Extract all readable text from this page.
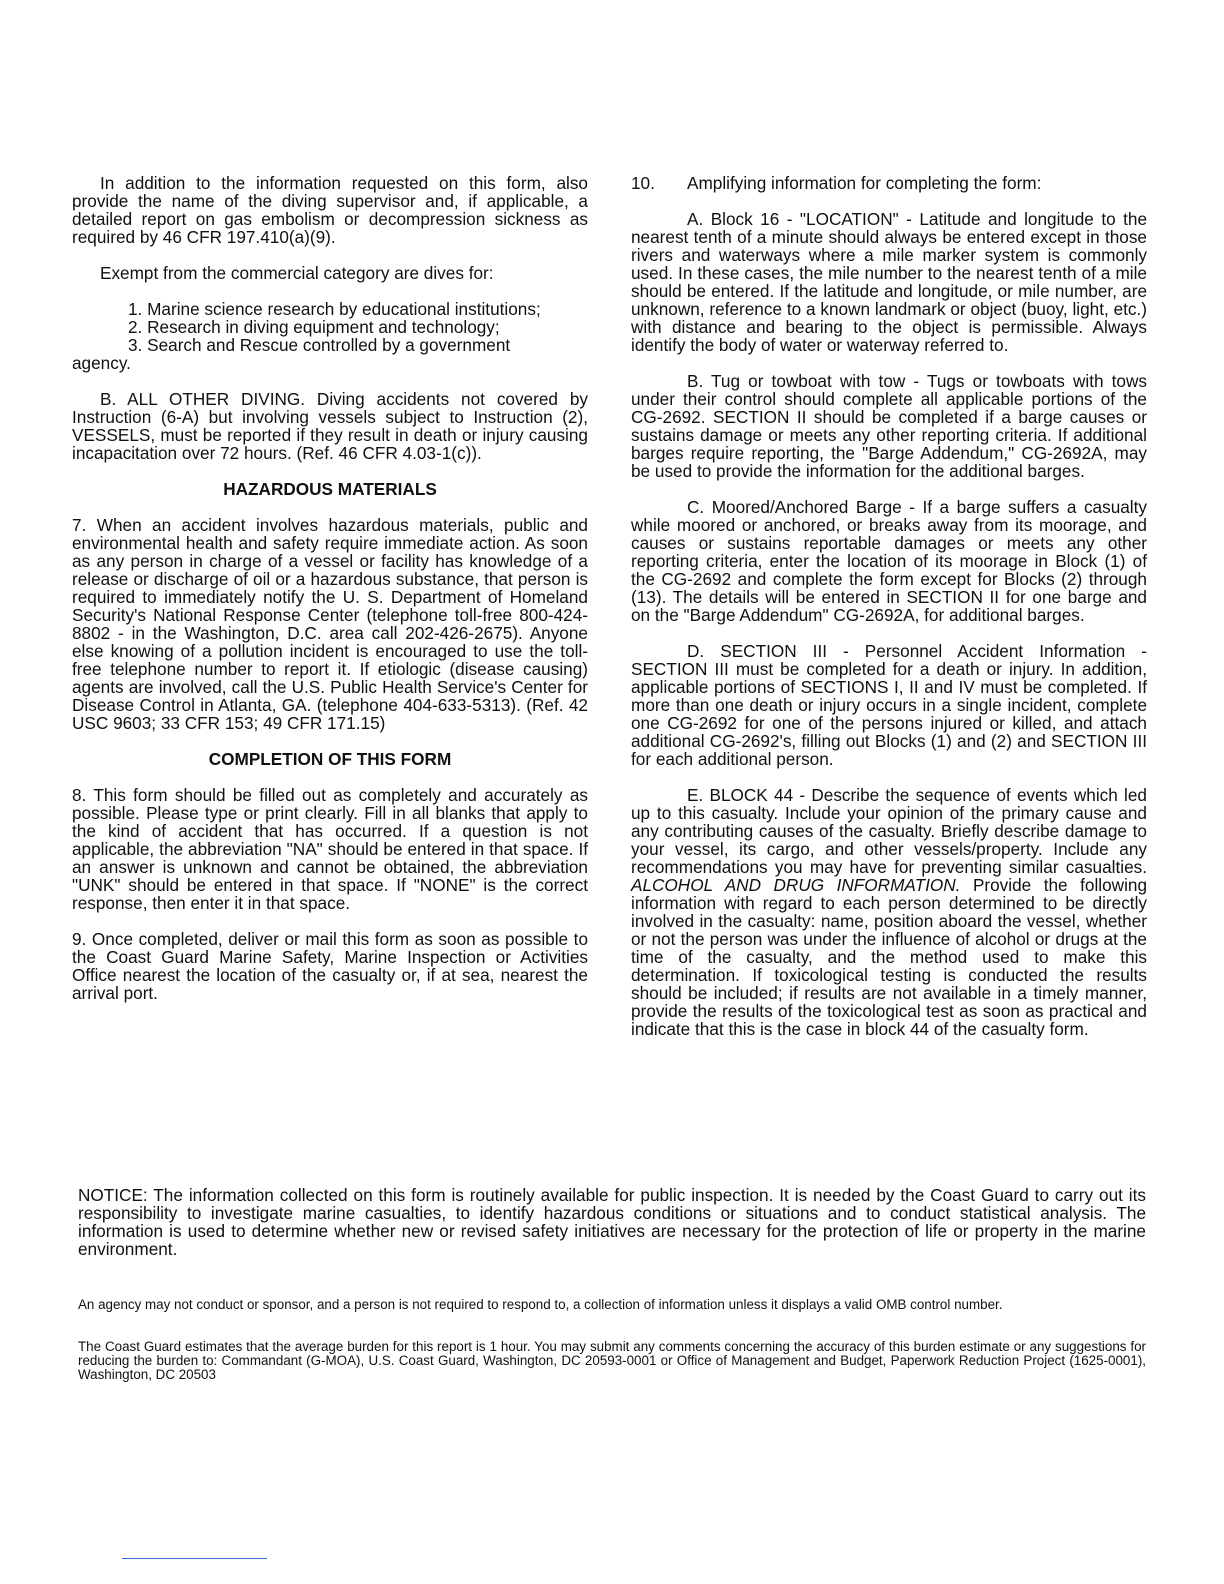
In addition to the information requested on this form, also provide the name of the diving supervisor and, if applicable, a detailed report on gas embolism or decompression sickness as required by 46 CFR 197.410(a)(9).

Exempt from the commercial category are dives for:

1. Marine science research by educational institutions;

2. Research in diving equipment and technology;

3. Search and Rescue controlled by a government

agency.

B. ALL OTHER DIVING. Diving accidents not covered by Instruction (6-A) but involving vessels subject to Instruction (2), VESSELS, must be reported if they result in death or injury causing incapacitation over 72 hours. (Ref. 46 CFR 4.03-1(c)).

HAZARDOUS MATERIALS

7. When an accident involves hazardous materials, public and environmental health and safety require immediate action. As soon as any person in charge of a vessel or facility has knowledge of a release or discharge of oil or a hazardous substance, that person is required to immediately notify the U. S. Department of Homeland Security's National Response Center (telephone toll-free 800-424-8802 - in the Washington, D.C. area call 202-426-2675). Anyone else knowing of a pollution incident is encouraged to use the toll-free telephone number to report it. If etiologic (disease causing) agents are involved, call the U.S. Public Health Service's Center for Disease Control in Atlanta, GA. (telephone 404-633-5313). (Ref. 42 USC 9603; 33 CFR 153; 49 CFR 171.15)

COMPLETION OF THIS FORM

8. This form should be filled out as completely and accurately as possible. Please type or print clearly. Fill in all blanks that apply to the kind of accident that has occurred. If a question is not applicable, the abbreviation "NA" should be entered in that space. If an answer is unknown and cannot be obtained, the abbreviation "UNK" should be entered in that space. If "NONE" is the correct response, then enter it in that space.

9. Once completed, deliver or mail this form as soon as possible to the Coast Guard Marine Safety, Marine Inspection or Activities Office nearest the location of the casualty or, if at sea, nearest the arrival port.

10. Amplifying information for completing the form:

A. Block 16 - "LOCATION" - Latitude and longitude to the nearest tenth of a minute should always be entered except in those rivers and waterways where a mile marker system is commonly used. In these cases, the mile number to the nearest tenth of a mile should be entered. If the latitude and longitude, or mile number, are unknown, reference to a known landmark or object (buoy, light, etc.) with distance and bearing to the object is permissible. Always identify the body of water or waterway referred to.

B. Tug or towboat with tow - Tugs or towboats with tows under their control should complete all applicable portions of the CG-2692. SECTION II should be completed if a barge causes or sustains damage or meets any other reporting criteria. If additional barges require reporting, the "Barge Addendum," CG-2692A, may be used to provide the information for the additional barges.

C. Moored/Anchored Barge - If a barge suffers a casualty while moored or anchored, or breaks away from its moorage, and causes or sustains reportable damages or meets any other reporting criteria, enter the location of its moorage in Block (1) of the CG-2692 and complete the form except for Blocks (2) through (13). The details will be entered in SECTION II for one barge and on the "Barge Addendum" CG-2692A, for additional barges.

D. SECTION III - Personnel Accident Information - SECTION III must be completed for a death or injury. In addition, applicable portions of SECTIONS I, II and IV must be completed. If more than one death or injury occurs in a single incident, complete one CG-2692 for one of the persons injured or killed, and attach additional CG-2692's, filling out Blocks (1) and (2) and SECTION III for each additional person.

E. BLOCK 44 - Describe the sequence of events which led up to this casualty. Include your opinion of the primary cause and any contributing causes of the casualty. Briefly describe damage to your vessel, its cargo, and other vessels/property. Include any recommendations you may have for preventing similar casualties. ALCOHOL AND DRUG INFORMATION. Provide the following information with regard to each person determined to be directly involved in the casualty: name, position aboard the vessel, whether or not the person was under the influence of alcohol or drugs at the time of the casualty, and the method used to make this determination. If toxicological testing is conducted the results should be included; if results are not available in a timely manner, provide the results of the toxicological test as soon as practical and indicate that this is the case in block 44 of the casualty form.

NOTICE: The information collected on this form is routinely available for public inspection. It is needed by the Coast Guard to carry out its responsibility to investigate marine casualties, to identify hazardous conditions or situations and to conduct statistical analysis. The information is used to determine whether new or revised safety initiatives are necessary for the protection of life or property in the marine environment.

An agency may not conduct or sponsor, and a person is not required to respond to, a collection of information unless it displays a valid OMB control number.

The Coast Guard estimates that the average burden for this report is 1 hour. You may submit any comments concerning the accuracy of this burden estimate or any suggestions for reducing the burden to: Commandant (G-MOA), U.S. Coast Guard, Washington, DC 20593-0001 or Office of Management and Budget, Paperwork Reduction Project (1625-0001), Washington, DC 20503
